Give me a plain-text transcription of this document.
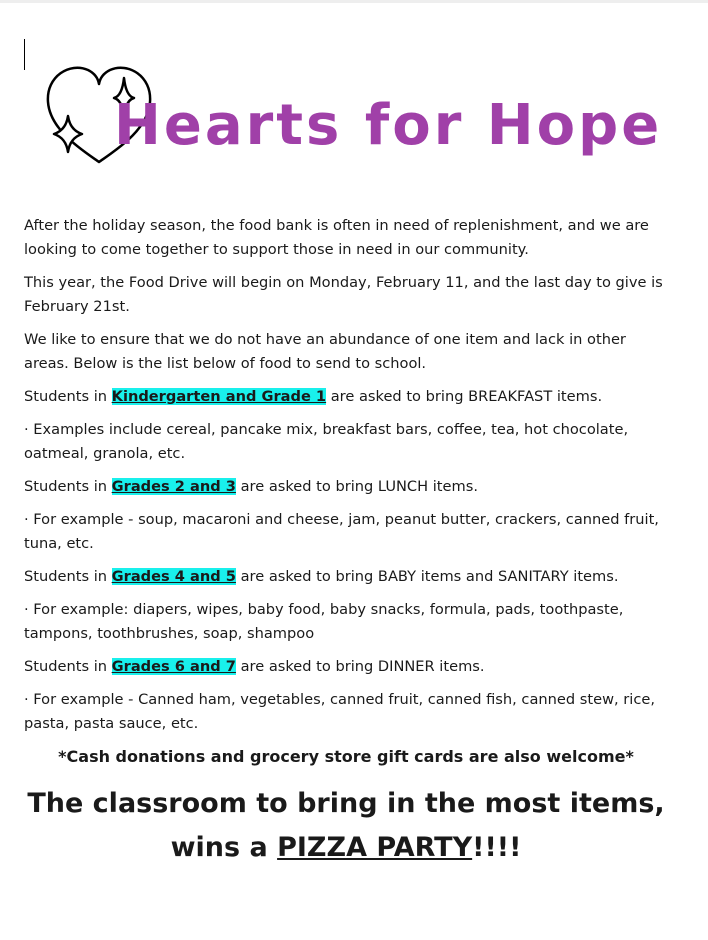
Hearts for Hope

After the holiday season, the food bank is often in need of replenishment, and we are looking to come together to support those in need in our community.

This year, the Food Drive will begin on Monday, February 11, and the last day to give is February 21st.

We like to ensure that we do not have an abundance of one item and lack in other areas. Below is the list below of food to send to school.

Students in Kindergarten and Grade 1 are asked to bring BREAKFAST items.

· Examples include cereal, pancake mix, breakfast bars, coffee, tea, hot chocolate, oatmeal, granola, etc.

Students in Grades 2 and 3 are asked to bring LUNCH items.

· For example - soup, macaroni and cheese, jam, peanut butter, crackers, canned fruit, tuna, etc.

Students in Grades 4 and 5 are asked to bring BABY items and SANITARY items.

· For example: diapers, wipes, baby food, baby snacks, formula, pads, toothpaste, tampons, toothbrushes, soap, shampoo

Students in Grades 6 and 7 are asked to bring DINNER items.

· For example - Canned ham, vegetables, canned fruit, canned fish, canned stew, rice, pasta, pasta sauce, etc.

*Cash donations and grocery store gift cards are also welcome*
The classroom to bring in the most items,
wins a PIZZA PARTY!!!!
